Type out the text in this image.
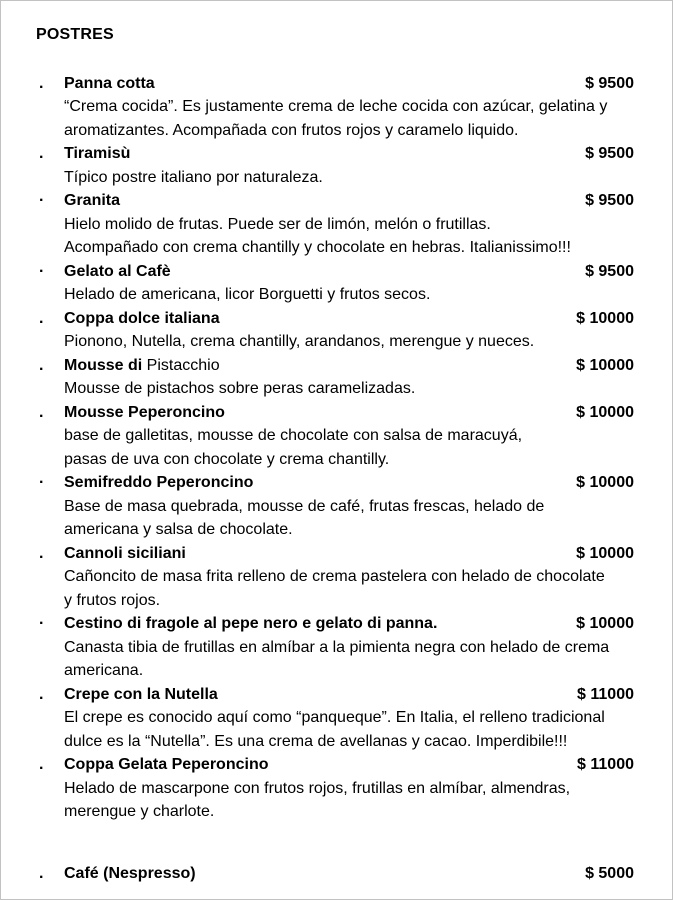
POSTRES
.	Panna cotta	$ 9500
“Crema cocida”. Es justamente crema de leche cocida con azúcar, gelatina y
aromatizantes. Acompañada con frutos rojos y caramelo liquido.
.	Tiramisù	$ 9500
Típico postre italiano por naturaleza.
·	Granita	$ 9500
Hielo molido de frutas. Puede ser de limón, melón o frutillas.
Acompañado con crema chantilly y chocolate en hebras. Italianissimo!!!
·	Gelato al Cafè	$ 9500
Helado de americana, licor Borguetti y frutos secos.
.	Coppa dolce italiana	$ 10000
Pionono, Nutella, crema chantilly, arandanos, merengue y nueces.
.	Mousse di Pistacchio	$ 10000
Mousse de pistachos sobre peras caramelizadas.
.	Mousse Peperoncino	$ 10000
base de galletitas, mousse de chocolate con salsa de maracuyá,
pasas de uva con chocolate y crema chantilly.
·	Semifreddo Peperoncino	$ 10000
Base de masa quebrada, mousse de café, frutas frescas, helado de
americana y salsa de chocolate.
.	Cannoli siciliani	$ 10000
Cañoncito de masa frita relleno de crema pastelera con helado de chocolate
y frutos rojos.
·	Cestino di fragole al pepe nero e gelato di panna.	$ 10000
Canasta tibia de frutillas en almíbar a la pimienta negra con helado de crema
americana.
.	Crepe con la Nutella	$ 11000
El crepe es conocido aquí como “panqueque”. En Italia, el relleno tradicional
dulce es la “Nutella”. Es una crema de avellanas y cacao. Imperdibile!!!
.	Coppa Gelata Peperoncino	$ 11000
Helado de mascarpone con frutos rojos, frutillas en almíbar, almendras,
merengue y charlote.
.	Café (Nespresso)	$ 5000
